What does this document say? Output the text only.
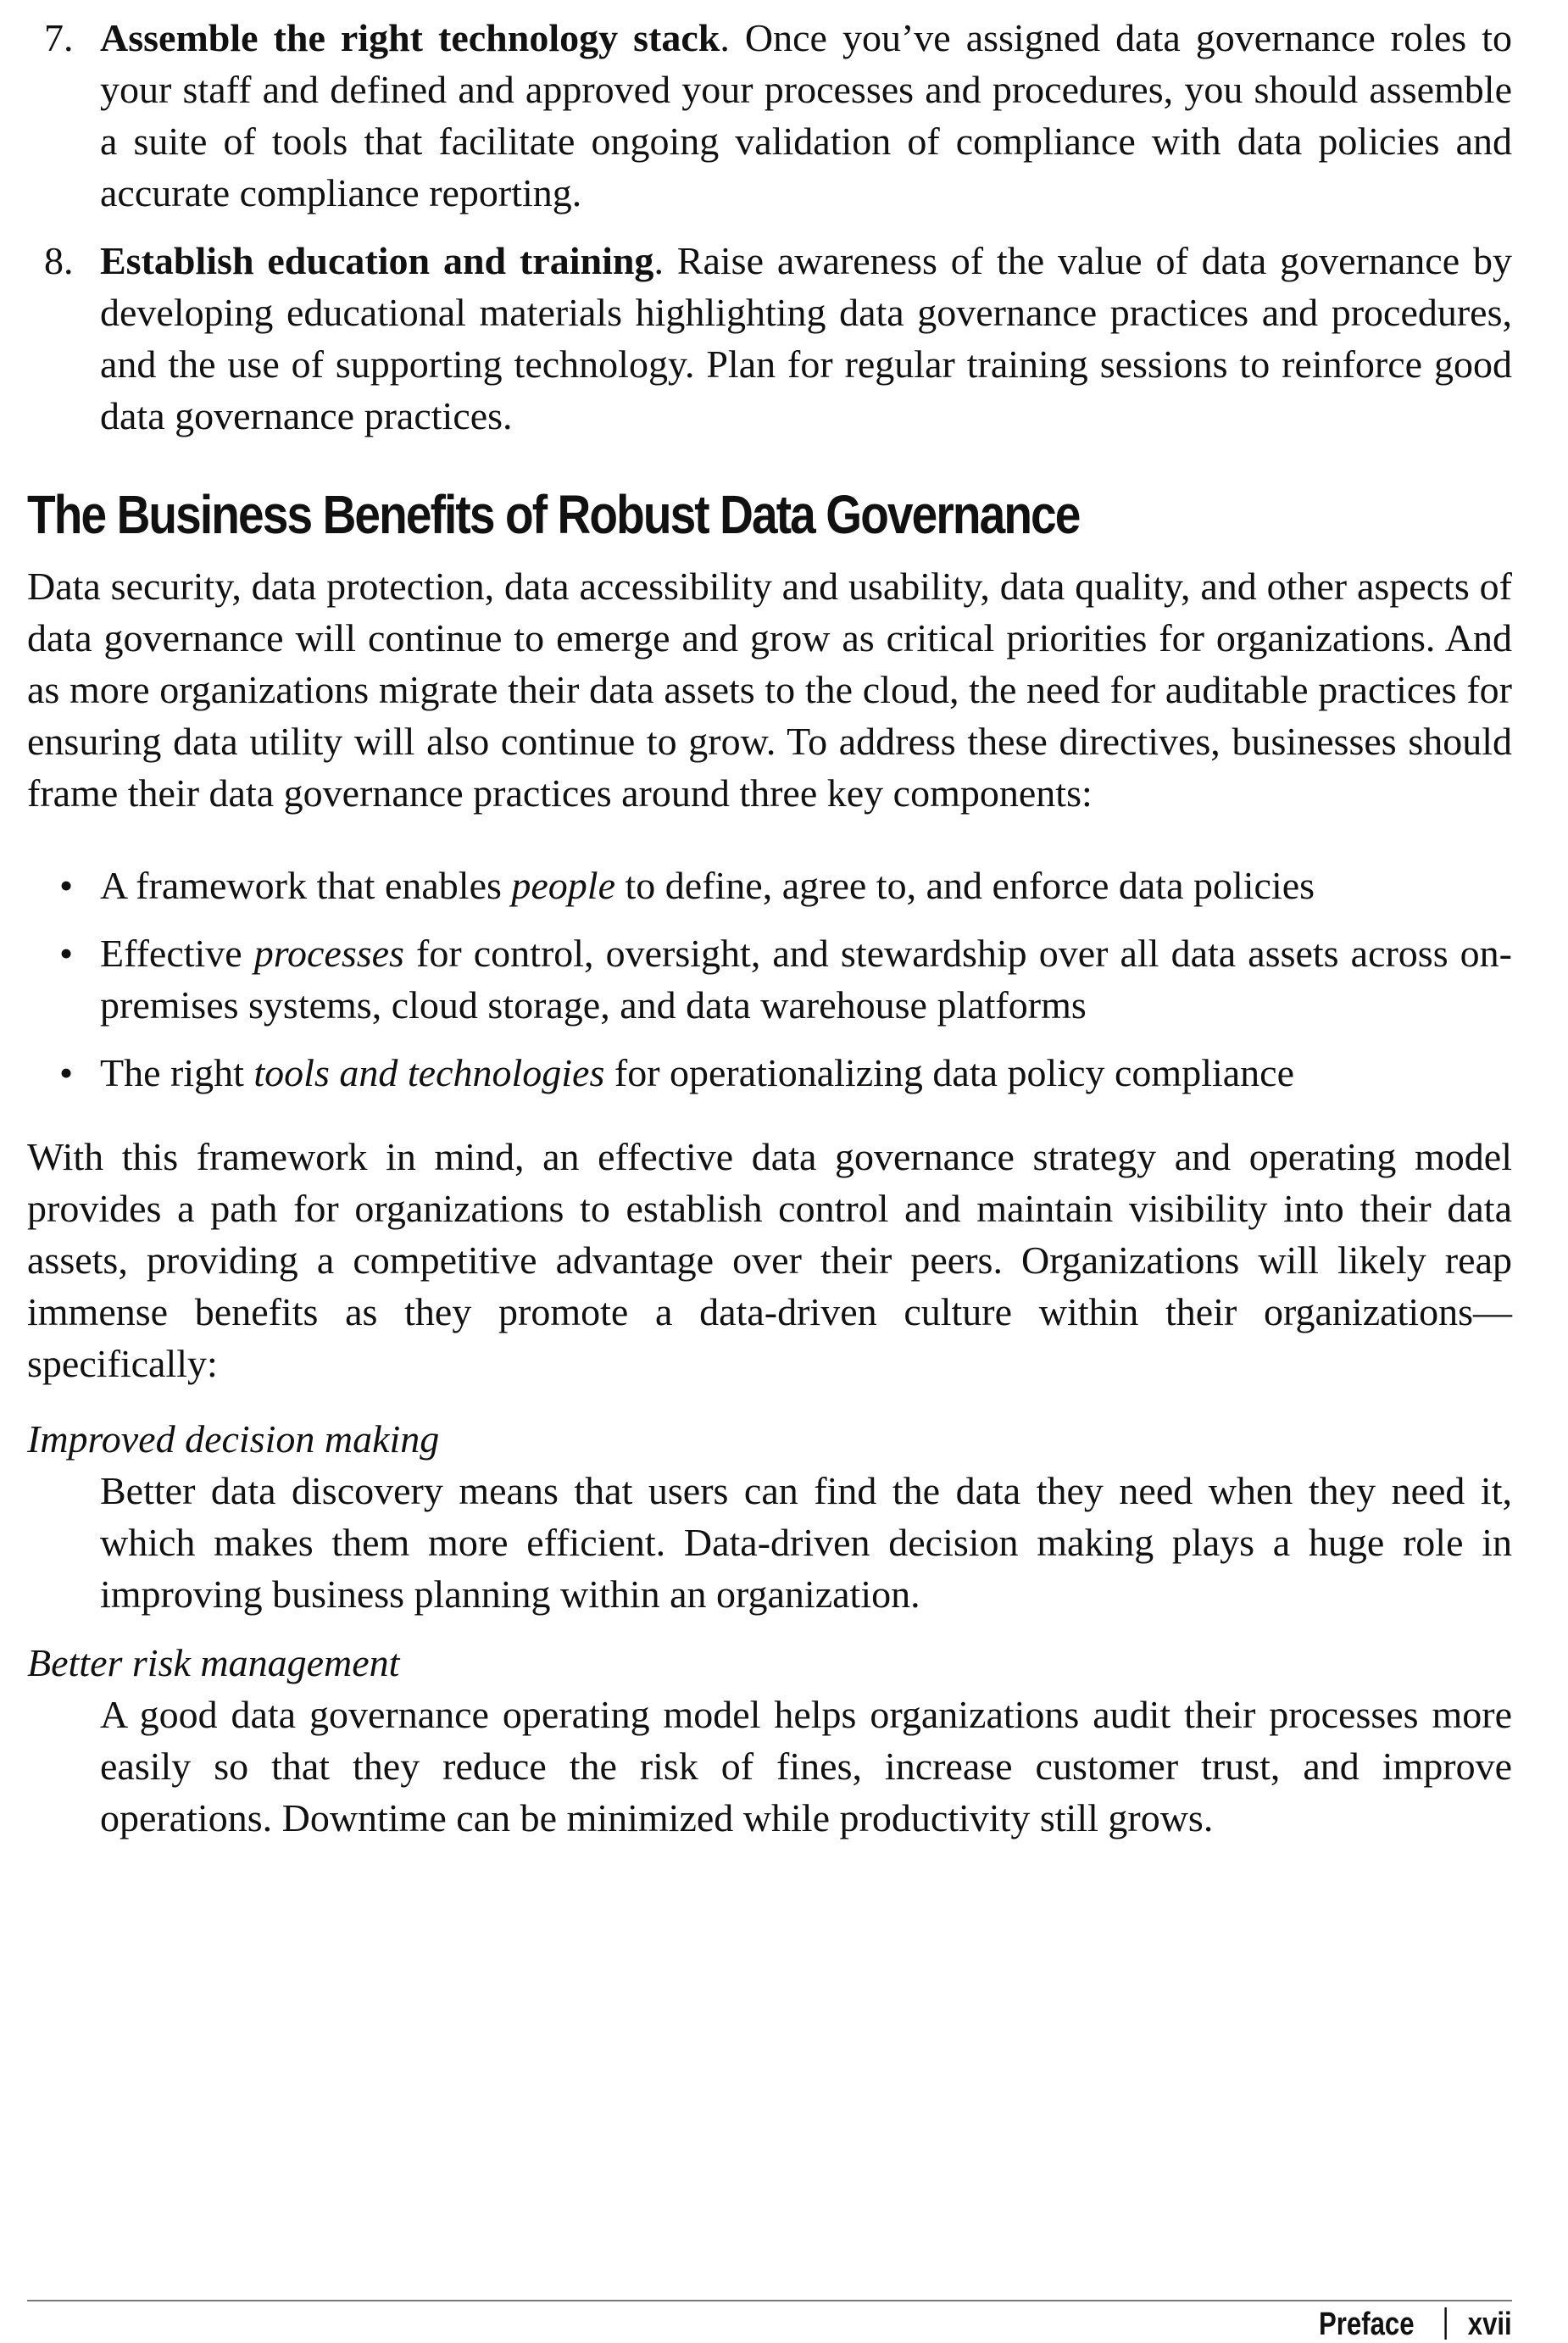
7. Assemble the right technology stack. Once you’ve assigned data governance roles to your staff and defined and approved your processes and procedures, you should assemble a suite of tools that facilitate ongoing validation of compliance with data policies and accurate compliance reporting.
8. Establish education and training. Raise awareness of the value of data governance by developing educational materials highlighting data governance practices and procedures, and the use of supporting technology. Plan for regular training sessions to reinforce good data governance practices.
The Business Benefits of Robust Data Governance

Data security, data protection, data accessibility and usability, data quality, and other aspects of data governance will continue to emerge and grow as critical priorities for organizations. And as more organizations migrate their data assets to the cloud, the need for auditable practices for ensuring data utility will also continue to grow. To address these directives, businesses should frame their data governance practices around three key components:

• A framework that enables people to define, agree to, and enforce data policies
• Effective processes for control, oversight, and stewardship over all data assets across on-premises systems, cloud storage, and data warehouse platforms
• The right tools and technologies for operationalizing data policy compliance

With this framework in mind, an effective data governance strategy and operating model provides a path for organizations to establish control and maintain visibility into their data assets, providing a competitive advantage over their peers. Organizations will likely reap immense benefits as they promote a data-driven culture within their organizations—specifically:

Improved decision making
Better data discovery means that users can find the data they need when they need it, which makes them more efficient. Data-driven decision making plays a huge role in improving business planning within an organization.
Better risk management
A good data governance operating model helps organizations audit their processes more easily so that they reduce the risk of fines, increase customer trust, and improve operations. Downtime can be minimized while productivity still grows.
Preface xvii
